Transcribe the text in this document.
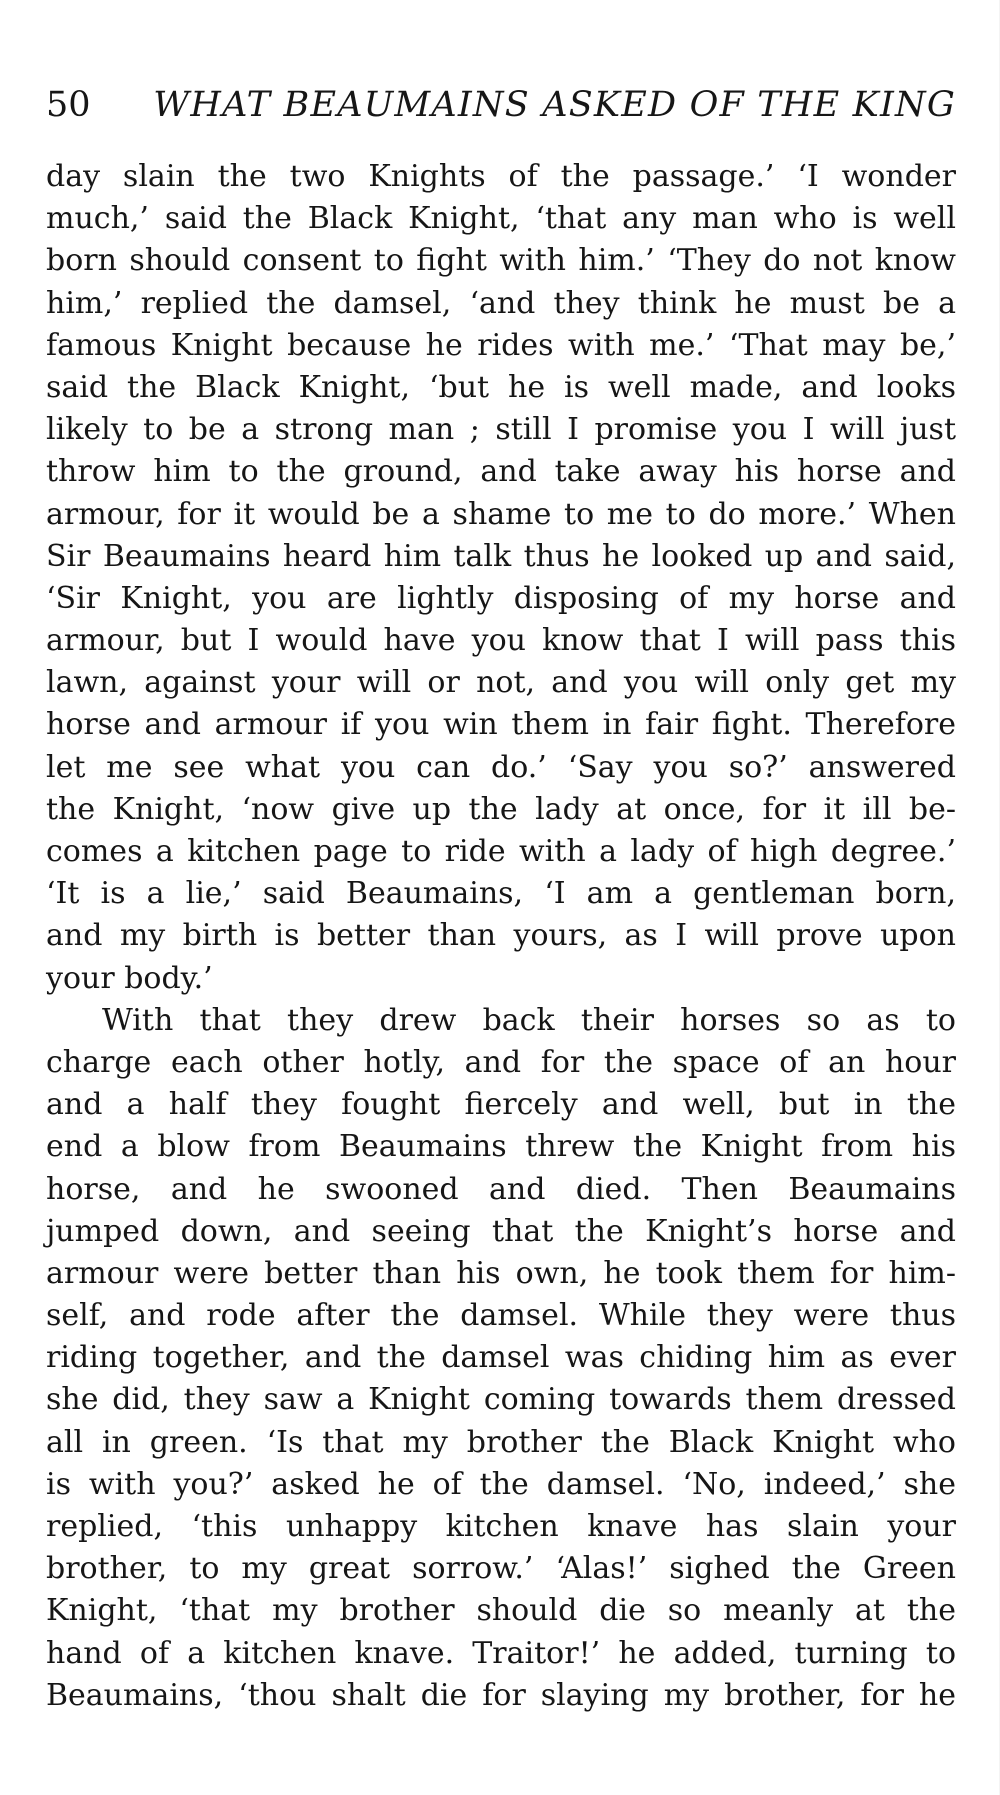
50 WHAT BEAUMAINS ASKED OF THE KING
day slain the two Knights of the passage.’ ‘I wonder
much,’ said the Black Knight, ‘that any man who is well
born should consent to fight with him.’ ‘They do not know
him,’ replied the damsel, ‘and they think he must be a
famous Knight because he rides with me.’ ‘That may be,’
said the Black Knight, ‘but he is well made, and looks
likely to be a strong man ; still I promise you I will just
throw him to the ground, and take away his horse and
armour, for it would be a shame to me to do more.’ When
Sir Beaumains heard him talk thus he looked up and said,
‘Sir Knight, you are lightly disposing of my horse and
armour, but I would have you know that I will pass this
lawn, against your will or not, and you will only get my
horse and armour if you win them in fair fight. Therefore
let me see what you can do.’ ‘Say you so?’ answered
the Knight, ‘now give up the lady at once, for it ill be-
comes a kitchen page to ride with a lady of high degree.’
‘It is a lie,’ said Beaumains, ‘I am a gentleman born,
and my birth is better than yours, as I will prove upon
your body.’
With that they drew back their horses so as to
charge each other hotly, and for the space of an hour
and a half they fought fiercely and well, but in the
end a blow from Beaumains threw the Knight from his
horse, and he swooned and died. Then Beaumains
jumped down, and seeing that the Knight’s horse and
armour were better than his own, he took them for him-
self, and rode after the damsel. While they were thus
riding together, and the damsel was chiding him as ever
she did, they saw a Knight coming towards them dressed
all in green. ‘Is that my brother the Black Knight who
is with you?’ asked he of the damsel. ‘No, indeed,’ she
replied, ‘this unhappy kitchen knave has slain your
brother, to my great sorrow.’ ‘Alas!’ sighed the Green
Knight, ‘that my brother should die so meanly at the
hand of a kitchen knave. Traitor!’ he added, turning to
Beaumains, ‘thou shalt die for slaying my brother, for he
